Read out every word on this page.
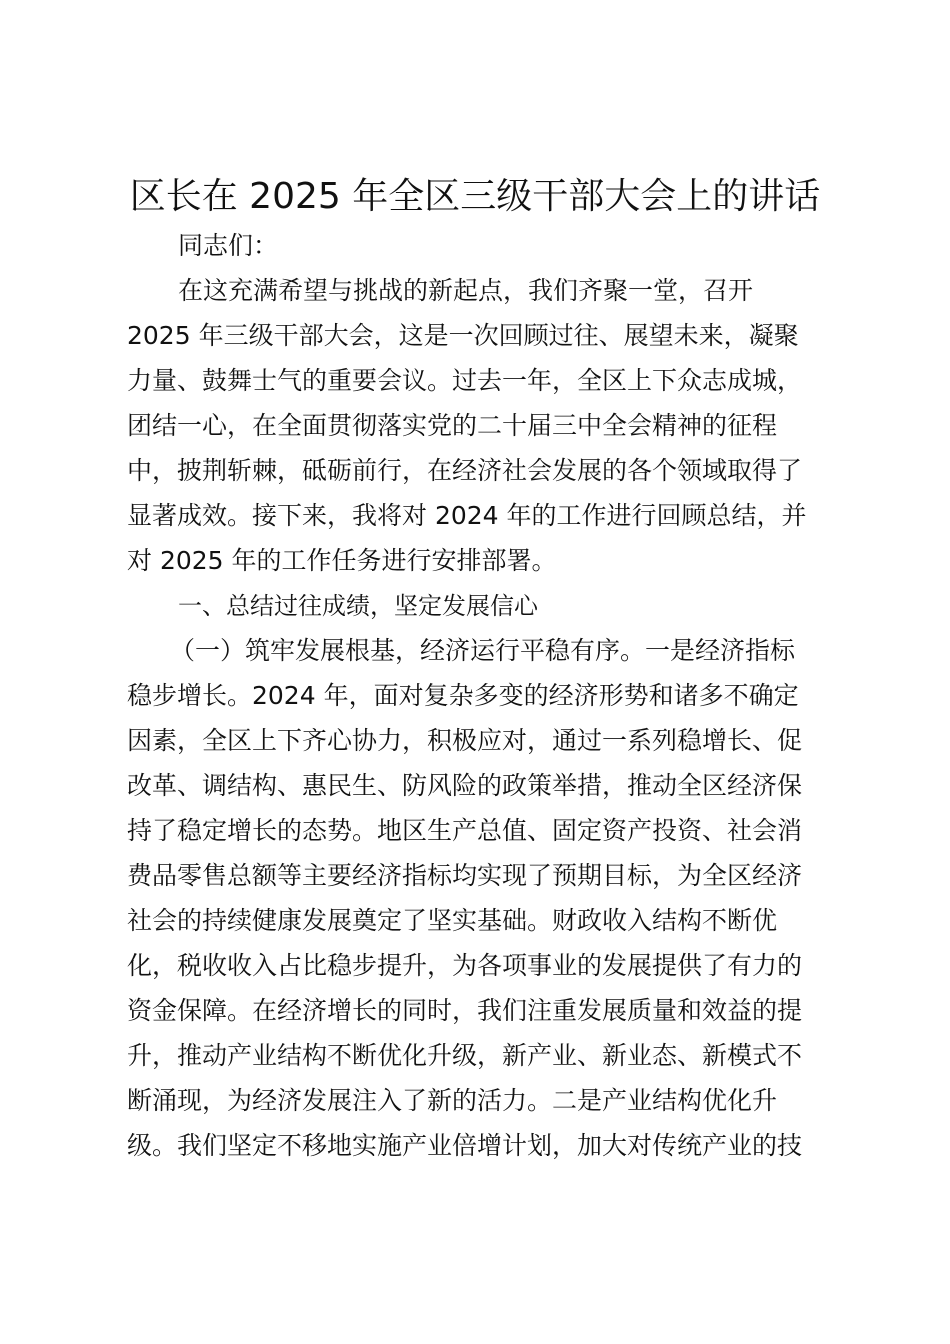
区长在 2025 年全区三级干部大会上的讲话

同志们：

在这充满希望与挑战的新起点，我们齐聚一堂，召开

2025 年三级干部大会，这是一次回顾过往、展望未来，凝聚

力量、鼓舞士气的重要会议。过去一年，全区上下众志成城，

团结一心，在全面贯彻落实党的二十届三中全会精神的征程

中，披荆斩棘，砥砺前行，在经济社会发展的各个领域取得了

显著成效。接下来，我将对 2024 年的工作进行回顾总结，并

对 2025 年的工作任务进行安排部署。

一、总结过往成绩，坚定发展信心

（一）筑牢发展根基，经济运行平稳有序。一是经济指标

稳步增长。2024 年，面对复杂多变的经济形势和诸多不确定

因素，全区上下齐心协力，积极应对，通过一系列稳增长、促

改革、调结构、惠民生、防风险的政策举措，推动全区经济保

持了稳定增长的态势。地区生产总值、固定资产投资、社会消

费品零售总额等主要经济指标均实现了预期目标，为全区经济

社会的持续健康发展奠定了坚实基础。财政收入结构不断优

化，税收收入占比稳步提升，为各项事业的发展提供了有力的

资金保障。在经济增长的同时，我们注重发展质量和效益的提

升，推动产业结构不断优化升级，新产业、新业态、新模式不

断涌现，为经济发展注入了新的活力。二是产业结构优化升

级。我们坚定不移地实施产业倍增计划，加大对传统产业的技
